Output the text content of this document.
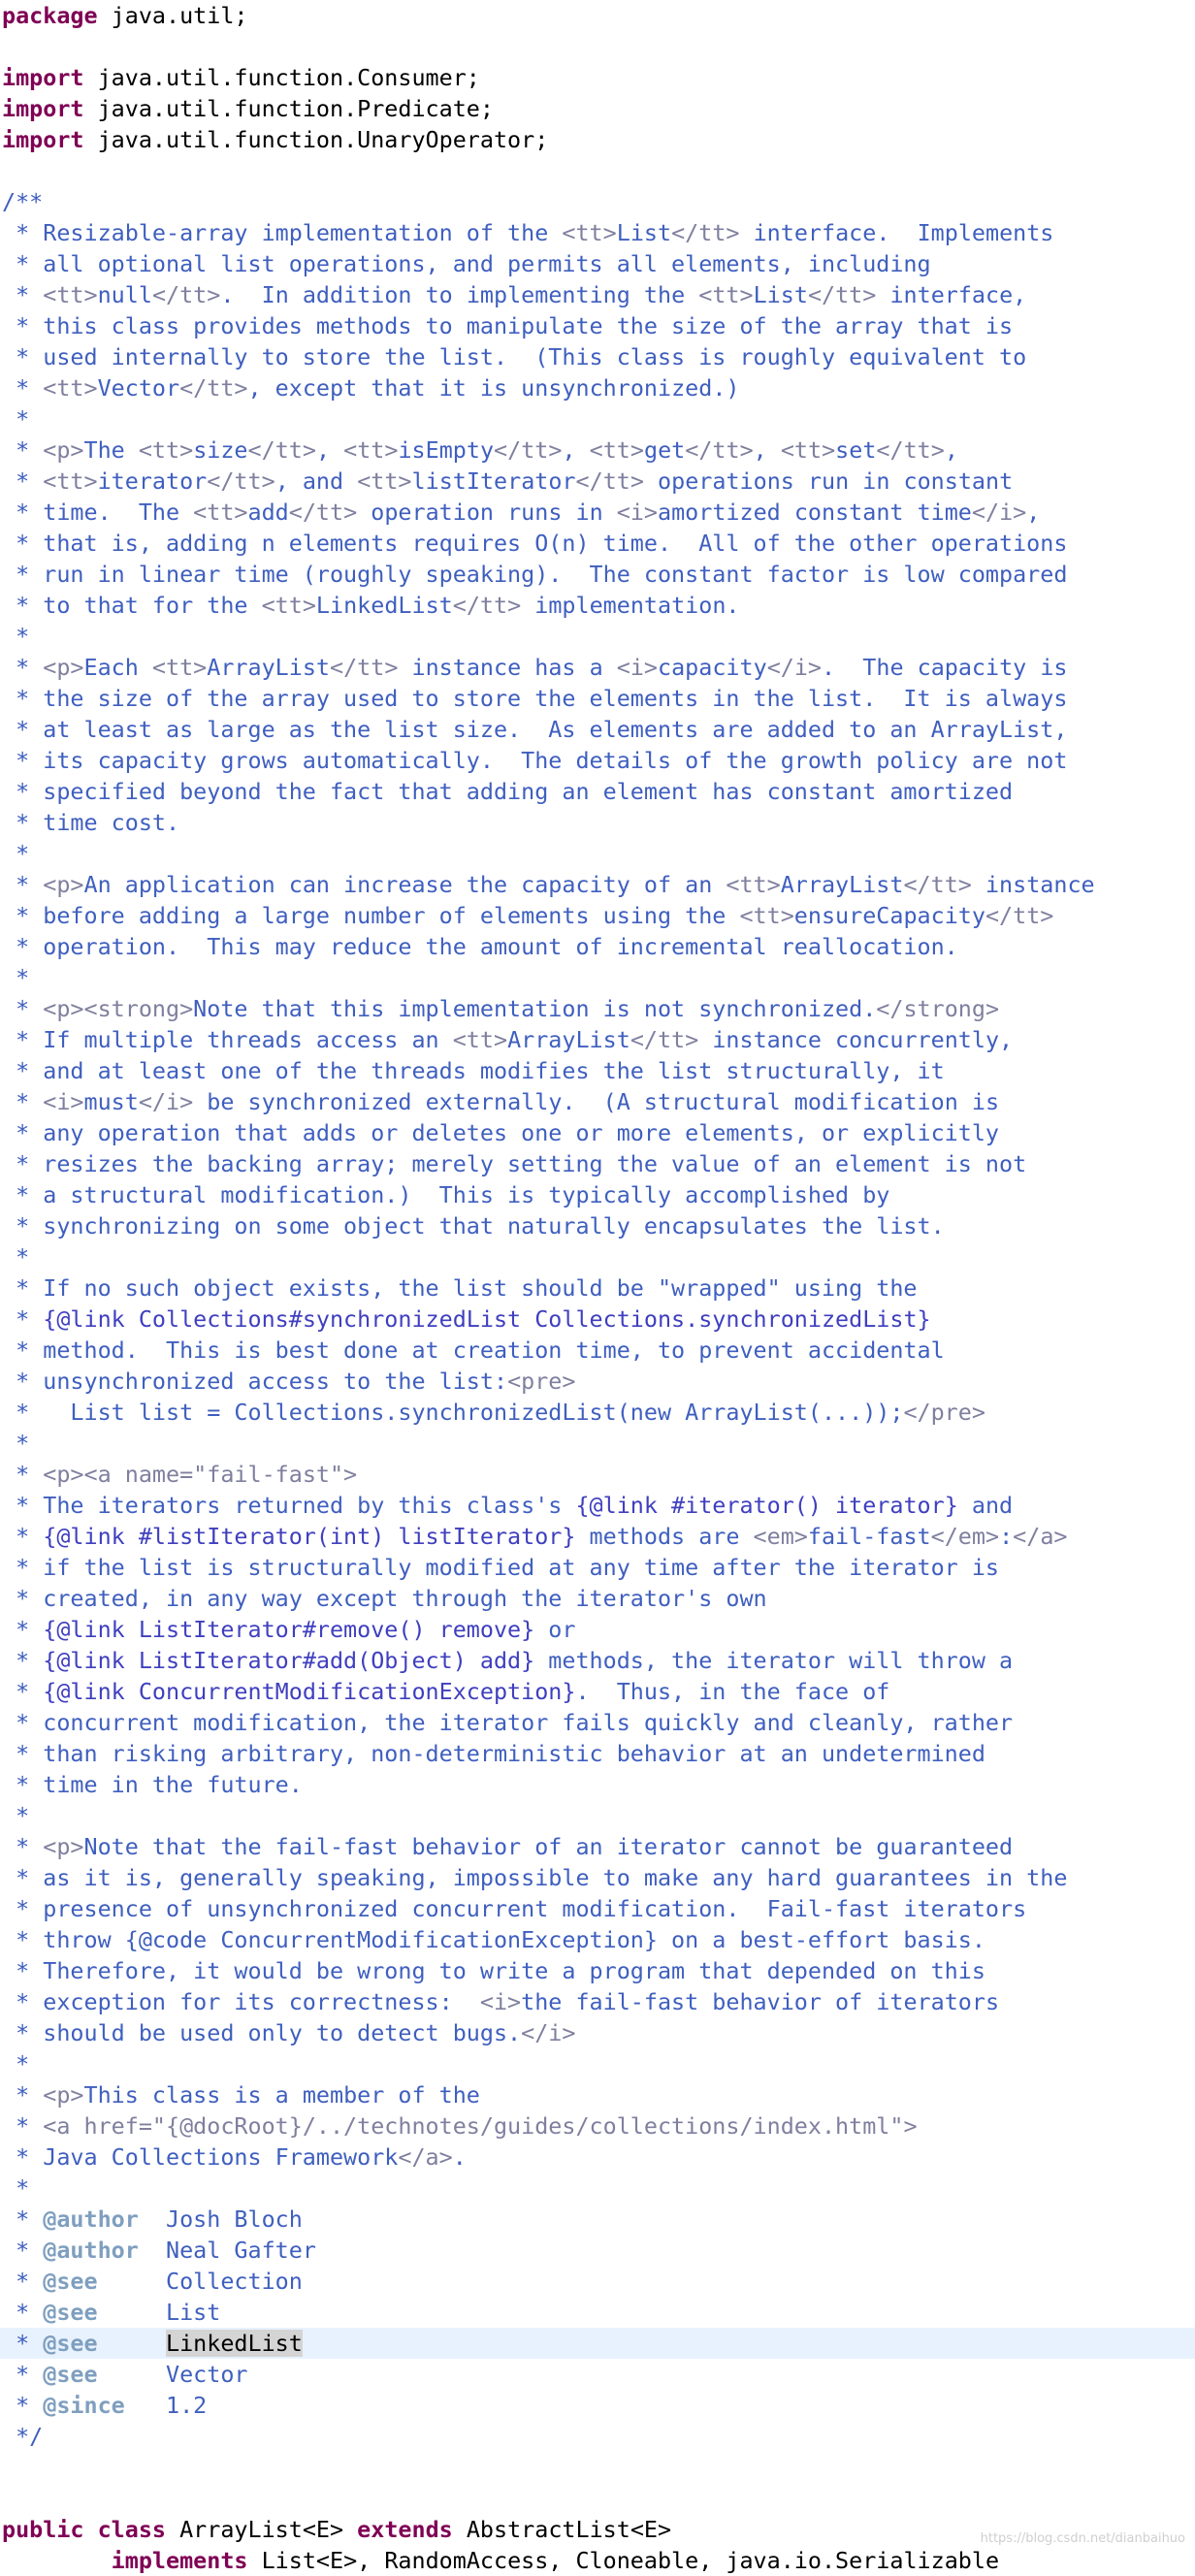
package java.util;
import java.util.function.Consumer;
import java.util.function.Predicate;
import java.util.function.UnaryOperator;
/**
* Resizable-array implementation of the <tt>List</tt> interface.  Implements
* all optional list operations, and permits all elements, including
* <tt>null</tt>.  In addition to implementing the <tt>List</tt> interface,
* this class provides methods to manipulate the size of the array that is
* used internally to store the list.  (This class is roughly equivalent to
* <tt>Vector</tt>, except that it is unsynchronized.)
*
* <p>The <tt>size</tt>, <tt>isEmpty</tt>, <tt>get</tt>, <tt>set</tt>,
* <tt>iterator</tt>, and <tt>listIterator</tt> operations run in constant
* time.  The <tt>add</tt> operation runs in <i>amortized constant time</i>,
* that is, adding n elements requires O(n) time.  All of the other operations
* run in linear time (roughly speaking).  The constant factor is low compared
* to that for the <tt>LinkedList</tt> implementation.
*
* <p>Each <tt>ArrayList</tt> instance has a <i>capacity</i>.  The capacity is
* the size of the array used to store the elements in the list.  It is always
* at least as large as the list size.  As elements are added to an ArrayList,
* its capacity grows automatically.  The details of the growth policy are not
* specified beyond the fact that adding an element has constant amortized
* time cost.
*
* <p>An application can increase the capacity of an <tt>ArrayList</tt> instance
* before adding a large number of elements using the <tt>ensureCapacity</tt>
* operation.  This may reduce the amount of incremental reallocation.
*
* <p><strong>Note that this implementation is not synchronized.</strong>
* If multiple threads access an <tt>ArrayList</tt> instance concurrently,
* and at least one of the threads modifies the list structurally, it
* <i>must</i> be synchronized externally.  (A structural modification is
* any operation that adds or deletes one or more elements, or explicitly
* resizes the backing array; merely setting the value of an element is not
* a structural modification.)  This is typically accomplished by
* synchronizing on some object that naturally encapsulates the list.
*
* If no such object exists, the list should be "wrapped" using the
* {@link Collections#synchronizedList Collections.synchronizedList}
* method.  This is best done at creation time, to prevent accidental
* unsynchronized access to the list:<pre>
*   List list = Collections.synchronizedList(new ArrayList(...));</pre>
*
* <p><a name="fail-fast">
* The iterators returned by this class's {@link #iterator() iterator} and
* {@link #listIterator(int) listIterator} methods are <em>fail-fast</em>:</a>
* if the list is structurally modified at any time after the iterator is
* created, in any way except through the iterator's own
* {@link ListIterator#remove() remove} or
* {@link ListIterator#add(Object) add} methods, the iterator will throw a
* {@link ConcurrentModificationException}.  Thus, in the face of
* concurrent modification, the iterator fails quickly and cleanly, rather
* than risking arbitrary, non-deterministic behavior at an undetermined
* time in the future.
*
* <p>Note that the fail-fast behavior of an iterator cannot be guaranteed
* as it is, generally speaking, impossible to make any hard guarantees in the
* presence of unsynchronized concurrent modification.  Fail-fast iterators
* throw {@code ConcurrentModificationException} on a best-effort basis.
* Therefore, it would be wrong to write a program that depended on this
* exception for its correctness:  <i>the fail-fast behavior of iterators
* should be used only to detect bugs.</i>
*
* <p>This class is a member of the
* <a href="{@docRoot}/../technotes/guides/collections/index.html">
* Java Collections Framework</a>.
*
* @author  Josh Bloch
* @author  Neal Gafter
* @see     Collection
* @see     List
* @see	LinkedList
* @see     Vector
* @since   1.2
*/
public class ArrayList<E> extends AbstractList<E>
implements List<E>, RandomAccess, Cloneable, java.io.Serializable
https://blog.csdn.net/dianbaihuo
